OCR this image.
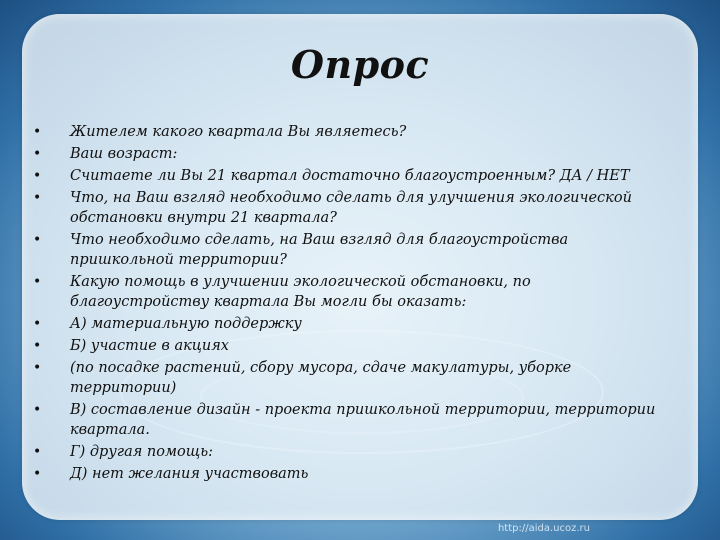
Опрос
• Жителем какого квартала Вы являетесь?
• Ваш возраст:
• Считаете ли Вы 21 квартал достаточно благоустроенным? ДА / НЕТ
• Что, на Ваш взгляд необходимо сделать для улучшения экологической обстановки внутри 21 квартала?
• Что необходимо сделать, на Ваш взгляд для благоустройства пришкольной территории?
• Какую помощь в улучшении экологической обстановки, по благоустройству квартала Вы могли бы оказать:
• А) материальную поддержку
• Б) участие в акциях
• (по посадке растений, сбору мусора, сдаче макулатуры, уборке территории)
• В) составление дизайн - проекта пришкольной территории, территории квартала.
• Г) другая помощь:
• Д) нет желания участвовать
http://aida.ucoz.ru
